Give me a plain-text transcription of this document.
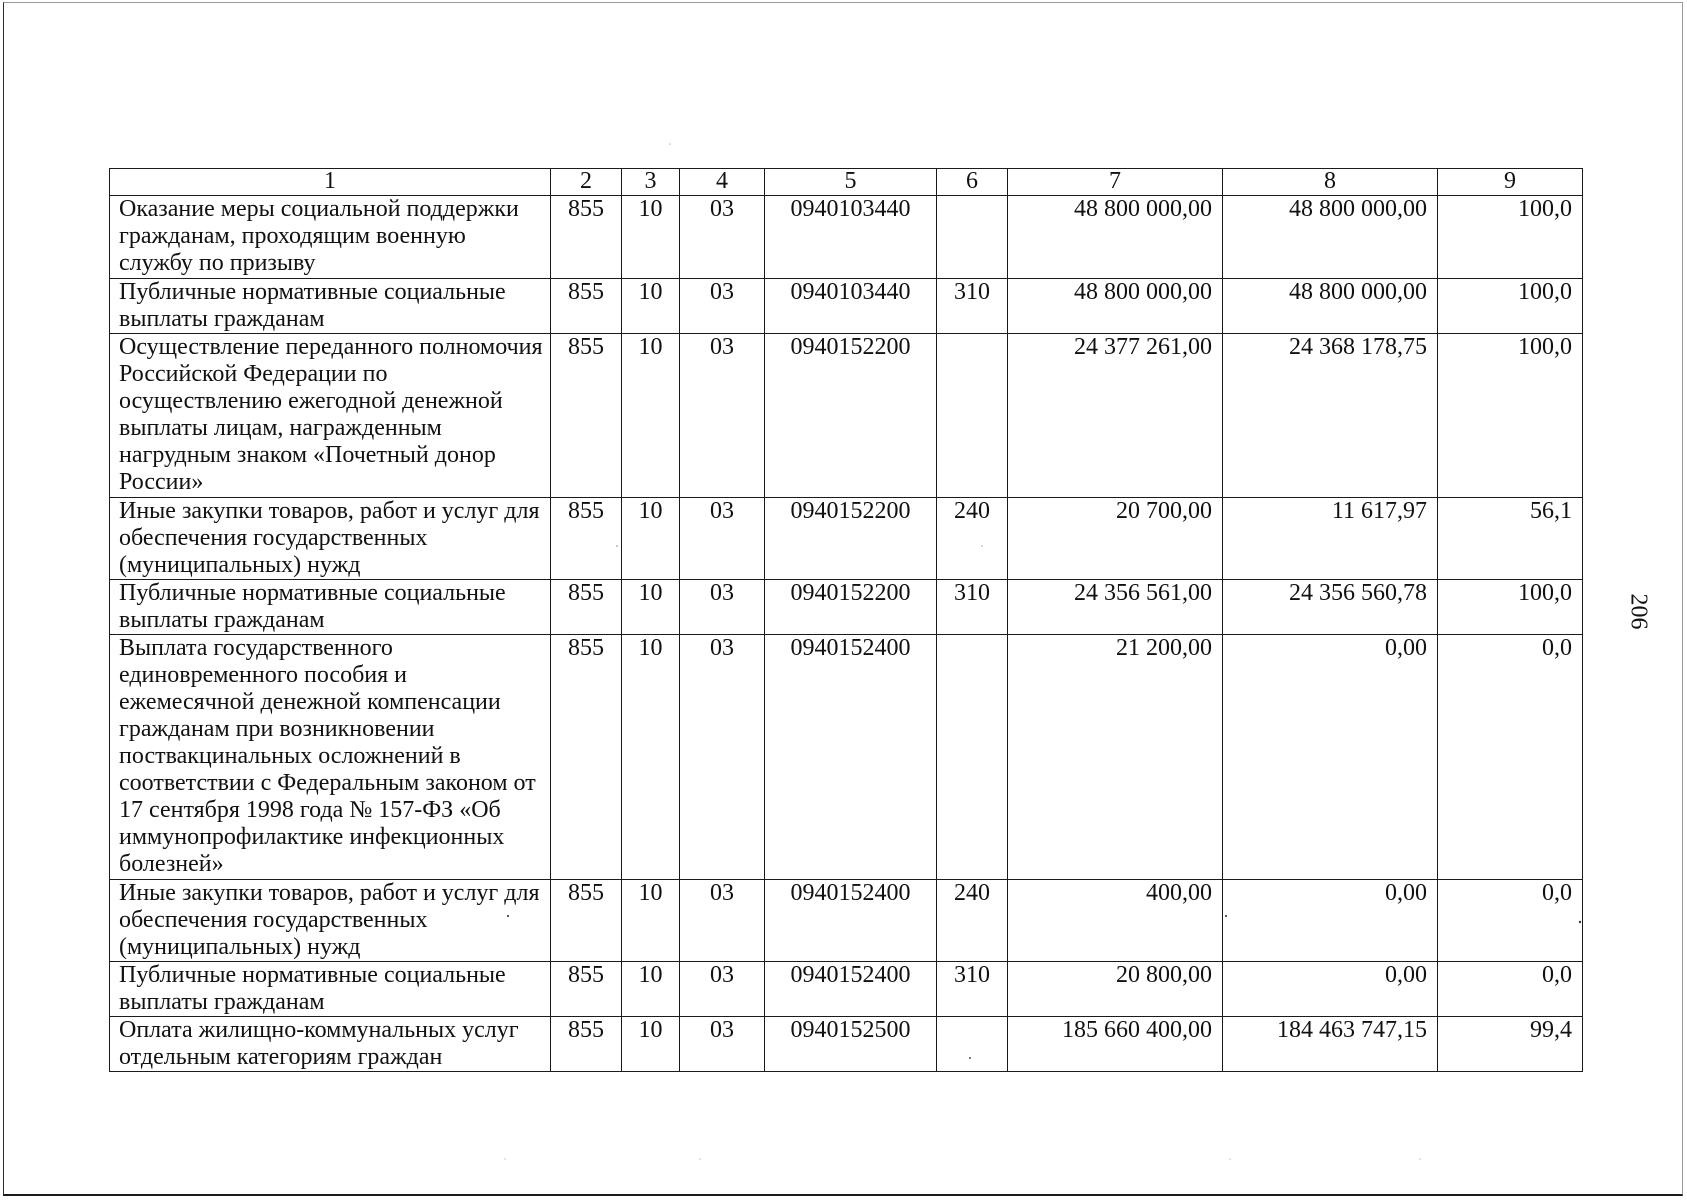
1	2	3	4	5	6	7	8	9
Оказание меры социальной поддержки гражданам, проходящим военную службу по призыву	855	10	03	0940103440		48 800 000,00	48 800 000,00	100,0
Публичные нормативные социальные выплаты гражданам	855	10	03	0940103440	310	48 800 000,00	48 800 000,00	100,0
Осуществление переданного полномочия Российской Федерации по осуществлению ежегодной денежной выплаты лицам, награжденным нагрудным знаком «Почетный донор России»	855	10	03	0940152200		24 377 261,00	24 368 178,75	100,0
Иные закупки товаров, работ и услуг для обеспечения государственных (муниципальных) нужд	855	10	03	0940152200	240	20 700,00	11 617,97	56,1
Публичные нормативные социальные выплаты гражданам	855	10	03	0940152200	310	24 356 561,00	24 356 560,78	100,0
Выплата государственного единовременного пособия и ежемесячной денежной компенсации гражданам при возникновении поствакцинальных осложнений в соответствии с Федеральным законом от 17 сентября 1998 года № 157-ФЗ «Об иммунопрофилактике инфекционных болезней»	855	10	03	0940152400		21 200,00	0,00	0,0
Иные закупки товаров, работ и услуг для обеспечения государственных (муниципальных) нужд	855	10	03	0940152400	240	400,00	0,00	0,0
Публичные нормативные социальные выплаты гражданам	855	10	03	0940152400	310	20 800,00	0,00	0,0
Оплата жилищно-коммунальных услуг отдельным категориям граждан	855	10	03	0940152500		185 660 400,00	184 463 747,15	99,4
206
